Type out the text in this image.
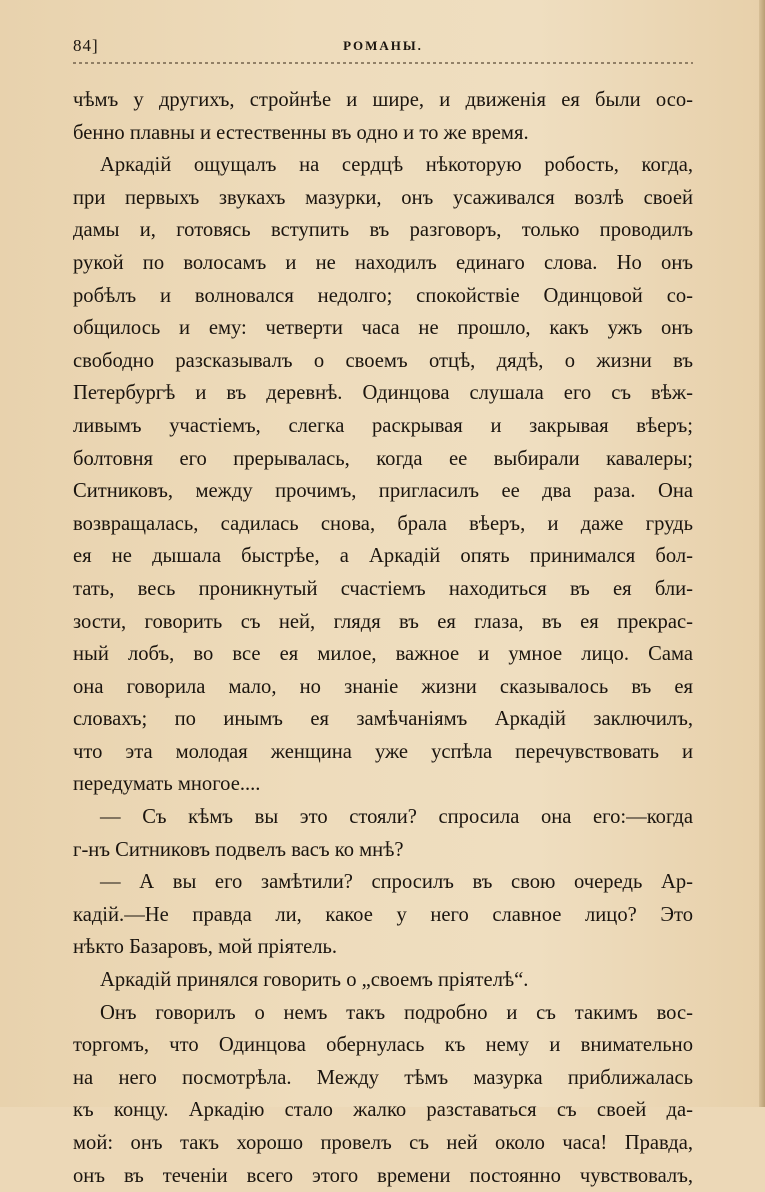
84]	РОМАНЫ.
чѣмъ у другихъ, стройнѣе и шире, и движенія ея были осо-
бенно плавны и естественны въ одно и то же время.
Аркадій ощущалъ на сердцѣ нѣкоторую робость, когда,
при первыхъ звукахъ мазурки, онъ усаживался возлѣ своей
дамы и, готовясь вступить въ разговоръ, только проводилъ
рукой по волосамъ и не находилъ единаго слова. Но онъ
робѣлъ и волновался недолго; спокойствіе Одинцовой со-
общилось и ему: четверти часа не прошло, какъ ужъ онъ
свободно разсказывалъ о своемъ отцѣ, дядѣ, о жизни въ
Петербургѣ и въ деревнѣ. Одинцова слушала его съ вѣж-
ливымъ участіемъ, слегка раскрывая и закрывая вѣеръ;
болтовня его прерывалась, когда ее выбирали кавалеры;
Ситниковъ, между прочимъ, пригласилъ ее два раза. Она
возвращалась, садилась снова, брала вѣеръ, и даже грудь
ея не дышала быстрѣе, а Аркадій опять принимался бол-
тать, весь проникнутый счастіемъ находиться въ ея бли-
зости, говорить съ ней, глядя въ ея глаза, въ ея прекрас-
ный лобъ, во все ея милое, важное и умное лицо. Сама
она говорила мало, но знаніе жизни сказывалось въ ея
словахъ; по инымъ ея замѣчаніямъ Аркадій заключилъ,
что эта молодая женщина уже успѣла перечувствовать и
передумать многое....
— Съ кѣмъ вы это стояли? спросила она его:—когда
г-нъ Ситниковъ подвелъ васъ ко мнѣ?
— А вы его замѣтили? спросилъ въ свою очередь Ар-
кадій.—Не правда ли, какое у него славное лицо? Это
нѣкто Базаровъ, мой пріятель.
Аркадій принялся говорить о „своемъ пріятелѣ“.
Онъ говорилъ о немъ такъ подробно и съ такимъ вос-
торгомъ, что Одинцова обернулась къ нему и внимательно
на него посмотрѣла. Между тѣмъ мазурка приближалась
къ концу. Аркадію стало жалко разставаться съ своей да-
мой: онъ такъ хорошо провелъ съ ней около часа! Правда,
онъ въ теченіи всего этого времени постоянно чувствовалъ,
